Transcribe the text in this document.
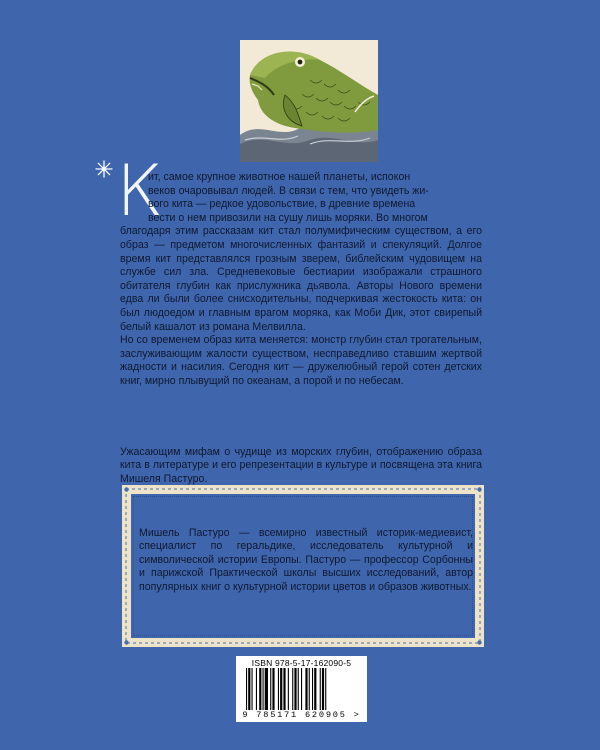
К

ит, самое крупное животное нашей планеты, испокон
веков очаровывал людей. В связи с тем, что увидеть жи-
вого кита — редкое удовольствие, в древние времена
вести о нем привозили на сушу лишь моряки. Во многом
благодаря этим рассказам кит стал полумифическим существом, а его образ — предметом многочисленных фантазий и спекуляций. Долгое время кит представлялся грозным зверем, библейским чудовищем на службе сил зла. Средневековые бестиарии изображали страшного обитателя глубин как прислужника дьявола. Авторы Нового времени едва ли были более снисходительны, подчеркивая жестокость кита: он был людоедом и главным врагом моряка, как Моби Дик, этот свирепый белый кашалот из романа Мелвилла.

Но со временем образ кита меняется: монстр глубин стал трогательным, заслуживающим жалости существом, несправедливо ставшим жертвой жадности и насилия. Сегодня кит — дружелюбный герой сотен детских книг, мирно плывущий по океанам, а порой и по небесам.

Ужасающим мифам о чудище из морских глубин, отображению образа кита в литературе и его репрезентации в культуре и посвящена эта книга Мишеля Пастуро.

Мишель Пастуро — всемирно известный историк-медиевист, специалист по геральдике, исследователь культурной и символической истории Европы. Пастуро — профессор Сорбонны и парижской Практической школы высших исследований, автор популярных книг о культурной истории цветов и образов животных.

ISBN 978-5-17-162090-5
9 785171 620905 >
